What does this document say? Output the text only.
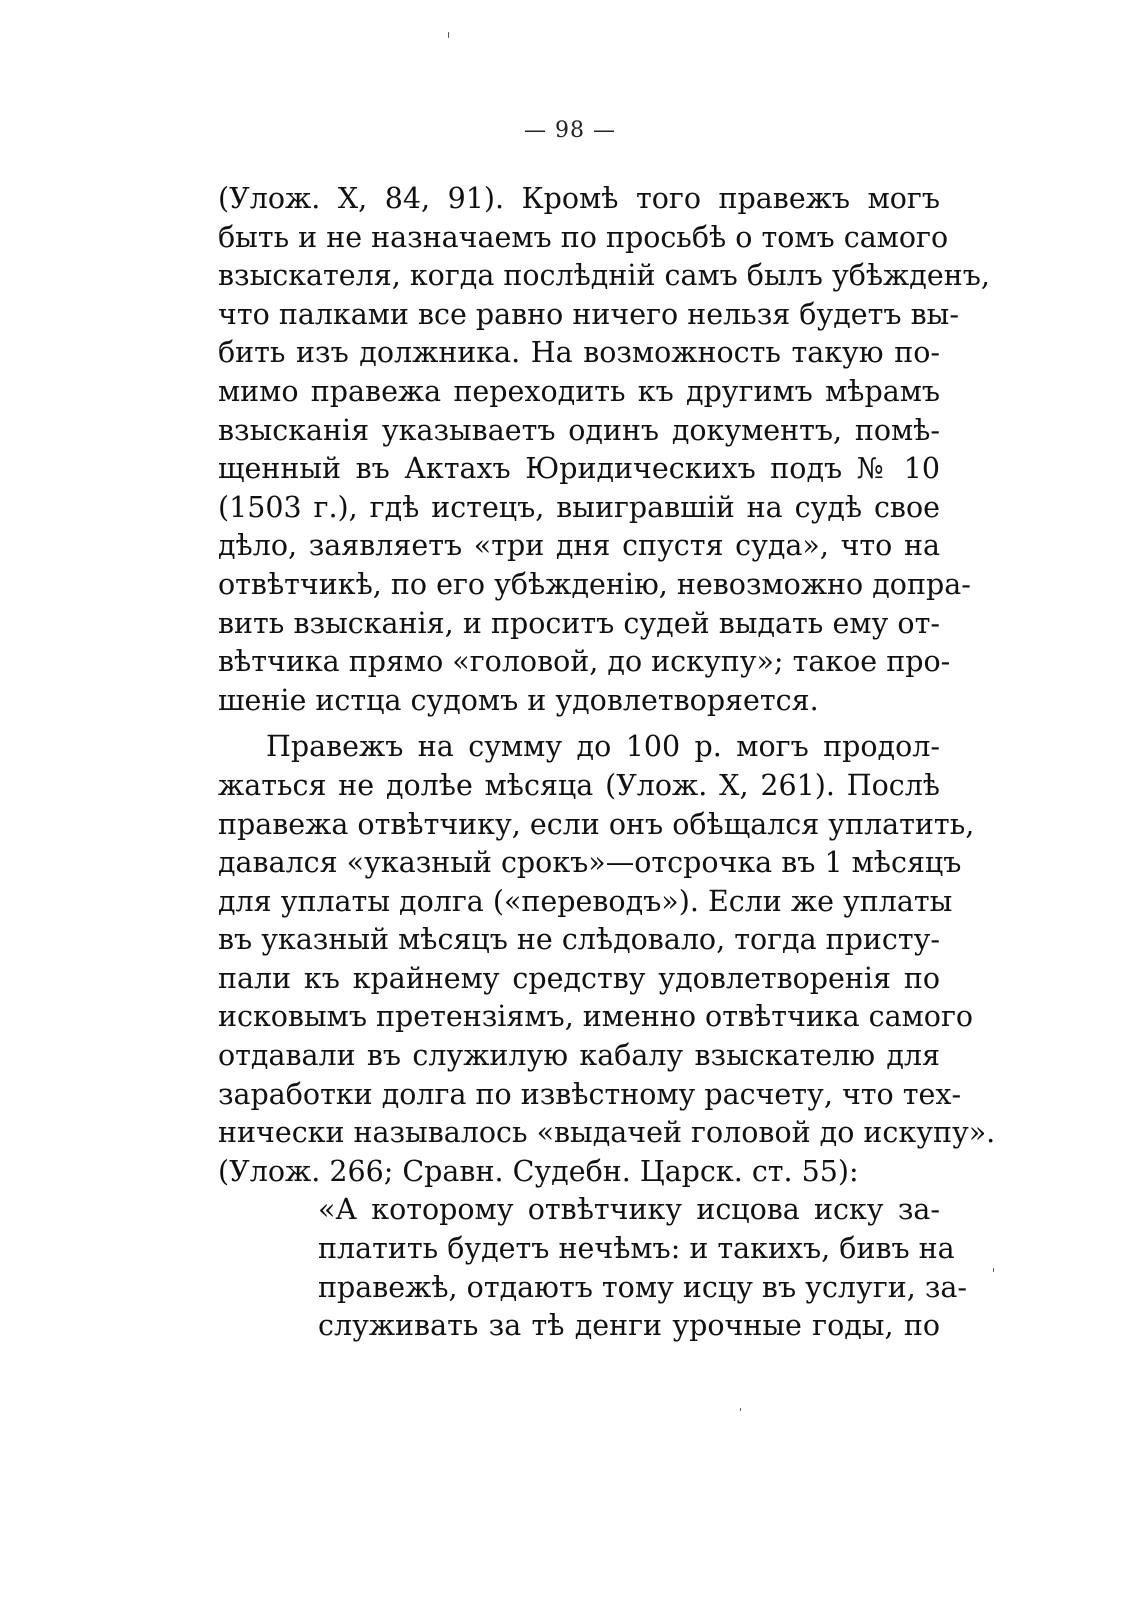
— 98 —
(Улож. X, 84, 91). Кромѣ того правежъ могъ
быть и не назначаемъ по просьбѣ о томъ самого
взыскателя, когда послѣднiй самъ былъ убѣжденъ,
что палками все равно ничего нельзя будетъ вы-
бить изъ должника. На возможность такую по-
мимо правежа переходить къ другимъ мѣрамъ
взысканiя указываетъ одинъ документъ, помѣ-
щенный въ Актахъ Юридическихъ подъ № 10
(1503 г.), гдѣ истецъ, выигравшiй на судѣ свое
дѣло, заявляетъ «три дня спустя суда», что на
отвѣтчикѣ, по его убѣжденiю, невозможно допра-
вить взысканiя, и проситъ судей выдать ему от-
вѣтчика прямо «головой, до искупу»; такое про-
шенiе истца судомъ и удовлетворяется.
Правежъ на сумму до 100 р. могъ продол-
жаться не долѣе мѣсяца (Улож. X, 261). Послѣ
правежа отвѣтчику, если онъ обѣщался уплатить,
давался «указный срокъ»—отсрочка въ 1 мѣсяцъ
для уплаты долга («переводъ»). Если же уплаты
въ указный мѣсяцъ не слѣдовало, тогда присту-
пали къ крайнему средству удовлетворенiя по
исковымъ претензiямъ, именно отвѣтчика самого
отдавали въ служилую кабалу взыскателю для
заработки долга по извѣстному расчету, что тех-
нически называлось «выдачей головой до искупу».
(Улож. 266; Сравн. Судебн. Царск. ст. 55):
«А которому отвѣтчику исцова иску за-
платить будетъ нечѣмъ: и такихъ, бивъ на
правежѣ, отдаютъ тому исцу въ услуги, за-
служивать за тѣ денги урочные годы, по
